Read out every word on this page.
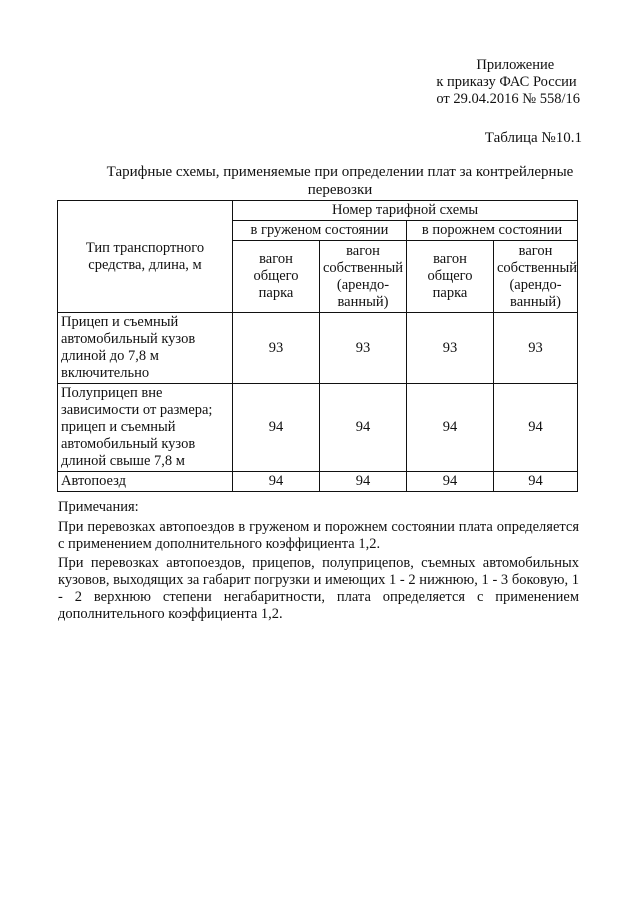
Приложение
к приказу ФАС России
от 29.04.2016 № 558/16
Таблица №10.1
Тарифные схемы, применяемые при определении плат за контрейлерные перевозки
Тип транспортного средства, длина, м	Номер тарифной схемы			
	в груженом состоянии		в порожнем состоянии	
	вагон общего парка	вагон собственный (арендо-ванный)	вагон общего парка	вагон собственный (арендо-ванный)
Прицеп и съемный автомобильный кузов длиной до 7,8 м включительно	93	93	93	93
Полуприцеп вне зависимости от размера; прицеп и съемный автомобильный кузов длиной свыше 7,8 м	94	94	94	94
Автопоезд	94	94	94	94

Примечания:

При перевозках автопоездов в груженом и порожнем состоянии плата определяется с применением дополнительного коэффициента 1,2.

При перевозках автопоездов, прицепов, полуприцепов, съемных автомобильных кузовов, выходящих за габарит погрузки и имеющих 1 - 2 нижнюю, 1 - 3 боковую, 1 - 2 верхнюю степени негабаритности, плата определяется с применением дополнительного коэффициента 1,2.
